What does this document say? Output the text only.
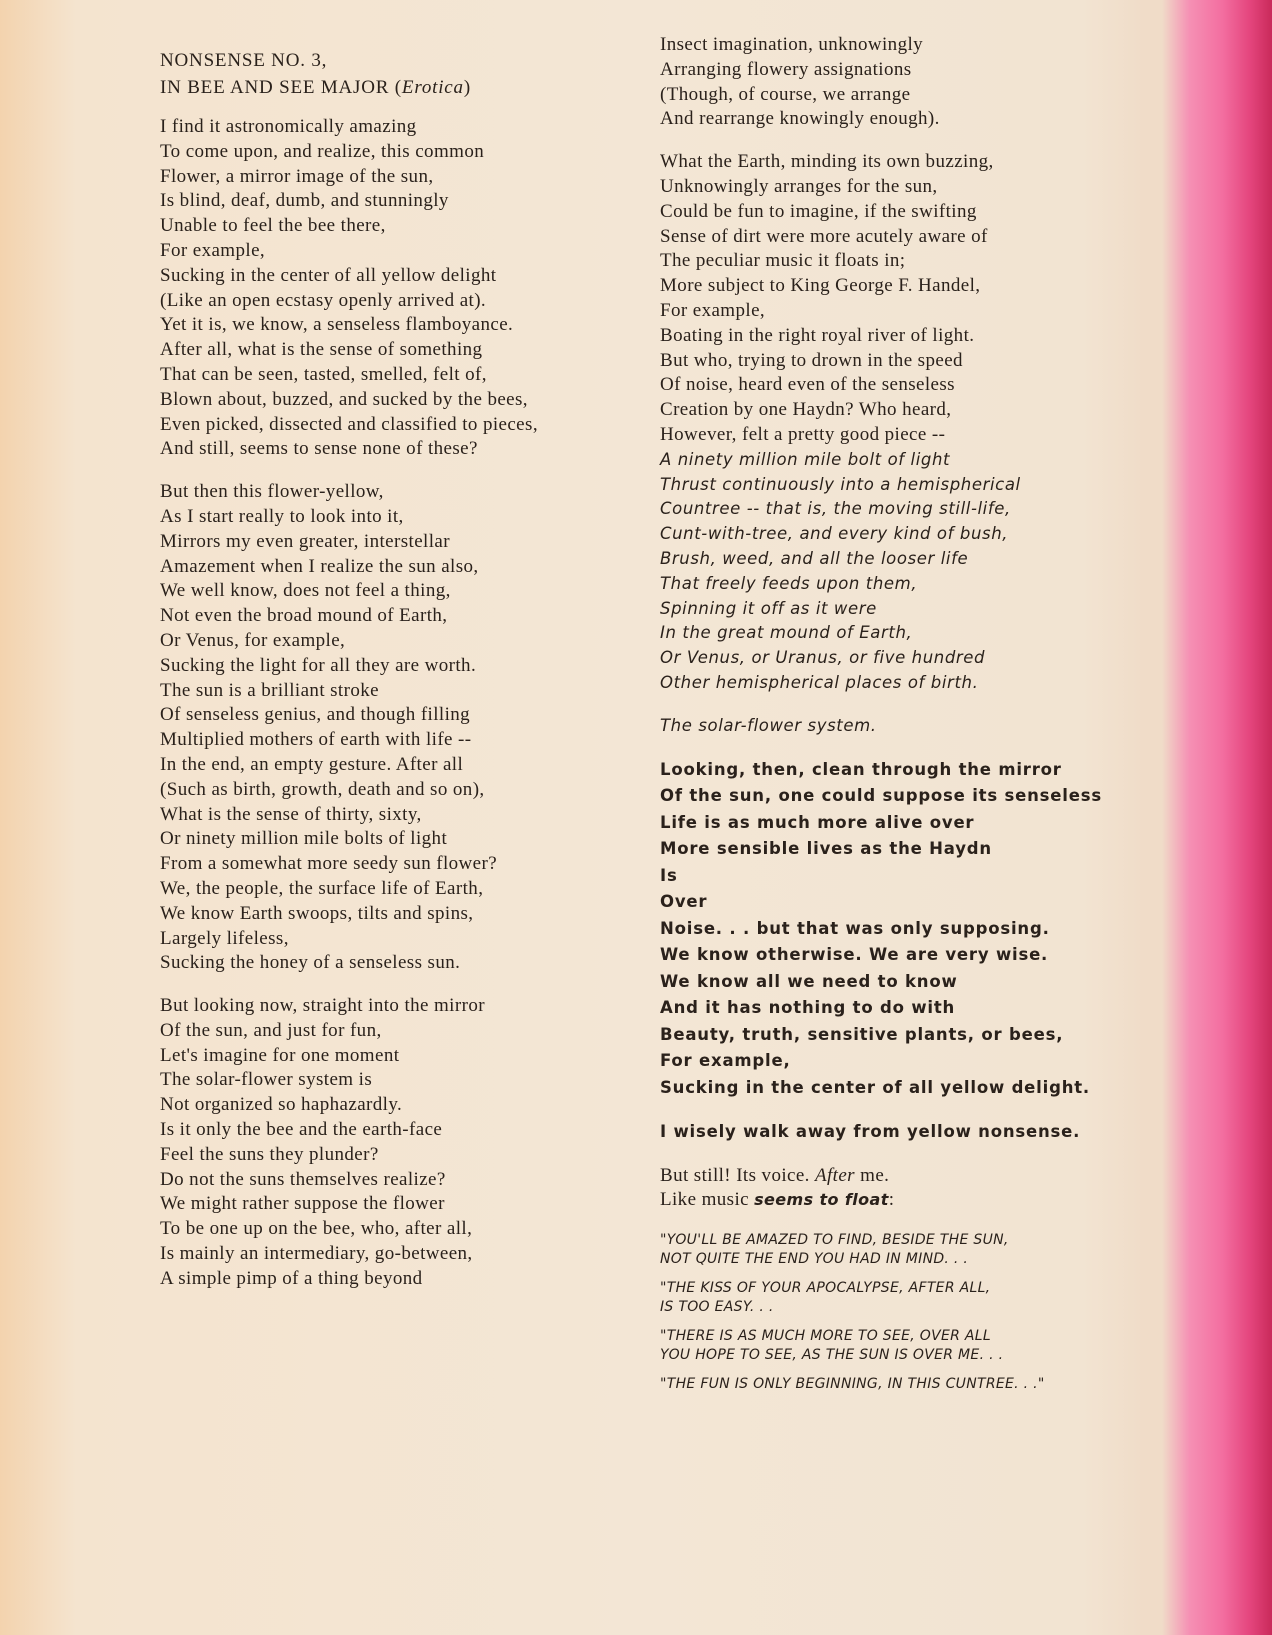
NONSENSE NO. 3,
IN BEE AND SEE MAJOR (Erotica)
I find it astronomically amazing
To come upon, and realize, this common
Flower, a mirror image of the sun,
Is blind, deaf, dumb, and stunningly
Unable to feel the bee there,
For example,
Sucking in the center of all yellow delight
(Like an open ecstasy openly arrived at).
Yet it is, we know, a senseless flamboyance.
After all, what is the sense of something
That can be seen, tasted, smelled, felt of,
Blown about, buzzed, and sucked by the bees,
Even picked, dissected and classified to pieces,
And still, seems to sense none of these?
But then this flower-yellow,
As I start really to look into it,
Mirrors my even greater, interstellar
Amazement when I realize the sun also,
We well know, does not feel a thing,
Not even the broad mound of Earth,
Or Venus, for example,
Sucking the light for all they are worth.
The sun is a brilliant stroke
Of senseless genius, and though filling
Multiplied mothers of earth with life --
In the end, an empty gesture. After all
(Such as birth, growth, death and so on),
What is the sense of thirty, sixty,
Or ninety million mile bolts of light
From a somewhat more seedy sun flower?
We, the people, the surface life of Earth,
We know Earth swoops, tilts and spins,
Largely lifeless,
Sucking the honey of a senseless sun.
But looking now, straight into the mirror
Of the sun, and just for fun,
Let's imagine for one moment
The solar-flower system is
Not organized so haphazardly.
Is it only the bee and the earth-face
Feel the suns they plunder?
Do not the suns themselves realize?
We might rather suppose the flower
To be one up on the bee, who, after all,
Is mainly an intermediary, go-between,
A simple pimp of a thing beyond
Insect imagination, unknowingly
Arranging flowery assignations
(Though, of course, we arrange
And rearrange knowingly enough).
What the Earth, minding its own buzzing,
Unknowingly arranges for the sun,
Could be fun to imagine, if the swifting
Sense of dirt were more acutely aware of
The peculiar music it floats in;
More subject to King George F. Handel,
For example,
Boating in the right royal river of light.
But who, trying to drown in the speed
Of noise, heard even of the senseless
Creation by one Haydn? Who heard,
However, felt a pretty good piece --
A ninety million mile bolt of light
Thrust continuously into a hemispherical
Countree -- that is, the moving still-life,
Cunt-with-tree, and every kind of bush,
Brush, weed, and all the looser life
That freely feeds upon them,
Spinning it off as it were
In the great mound of Earth,
Or Venus, or Uranus, or five hundred
Other hemispherical places of birth.
The solar-flower system.
Looking, then, clean through the mirror
Of the sun, one could suppose its senseless
Life is as much more alive over
More sensible lives as the Haydn
Is
Over
Noise. . . but that was only supposing.
We know otherwise. We are very wise.
We know all we need to know
And it has nothing to do with
Beauty, truth, sensitive plants, or bees,
For example,
Sucking in the center of all yellow delight.
I wisely walk away from yellow nonsense.
But still! Its voice. After me.
Like music seems to float:
"YOU'LL BE AMAZED TO FIND, BESIDE THE SUN,
NOT QUITE THE END YOU HAD IN MIND. . .
"THE KISS OF YOUR APOCALYPSE, AFTER ALL,
IS TOO EASY. . .
"THERE IS AS MUCH MORE TO SEE, OVER ALL
YOU HOPE TO SEE, AS THE SUN IS OVER ME. . .
"THE FUN IS ONLY BEGINNING, IN THIS CUNTREE. . ."
